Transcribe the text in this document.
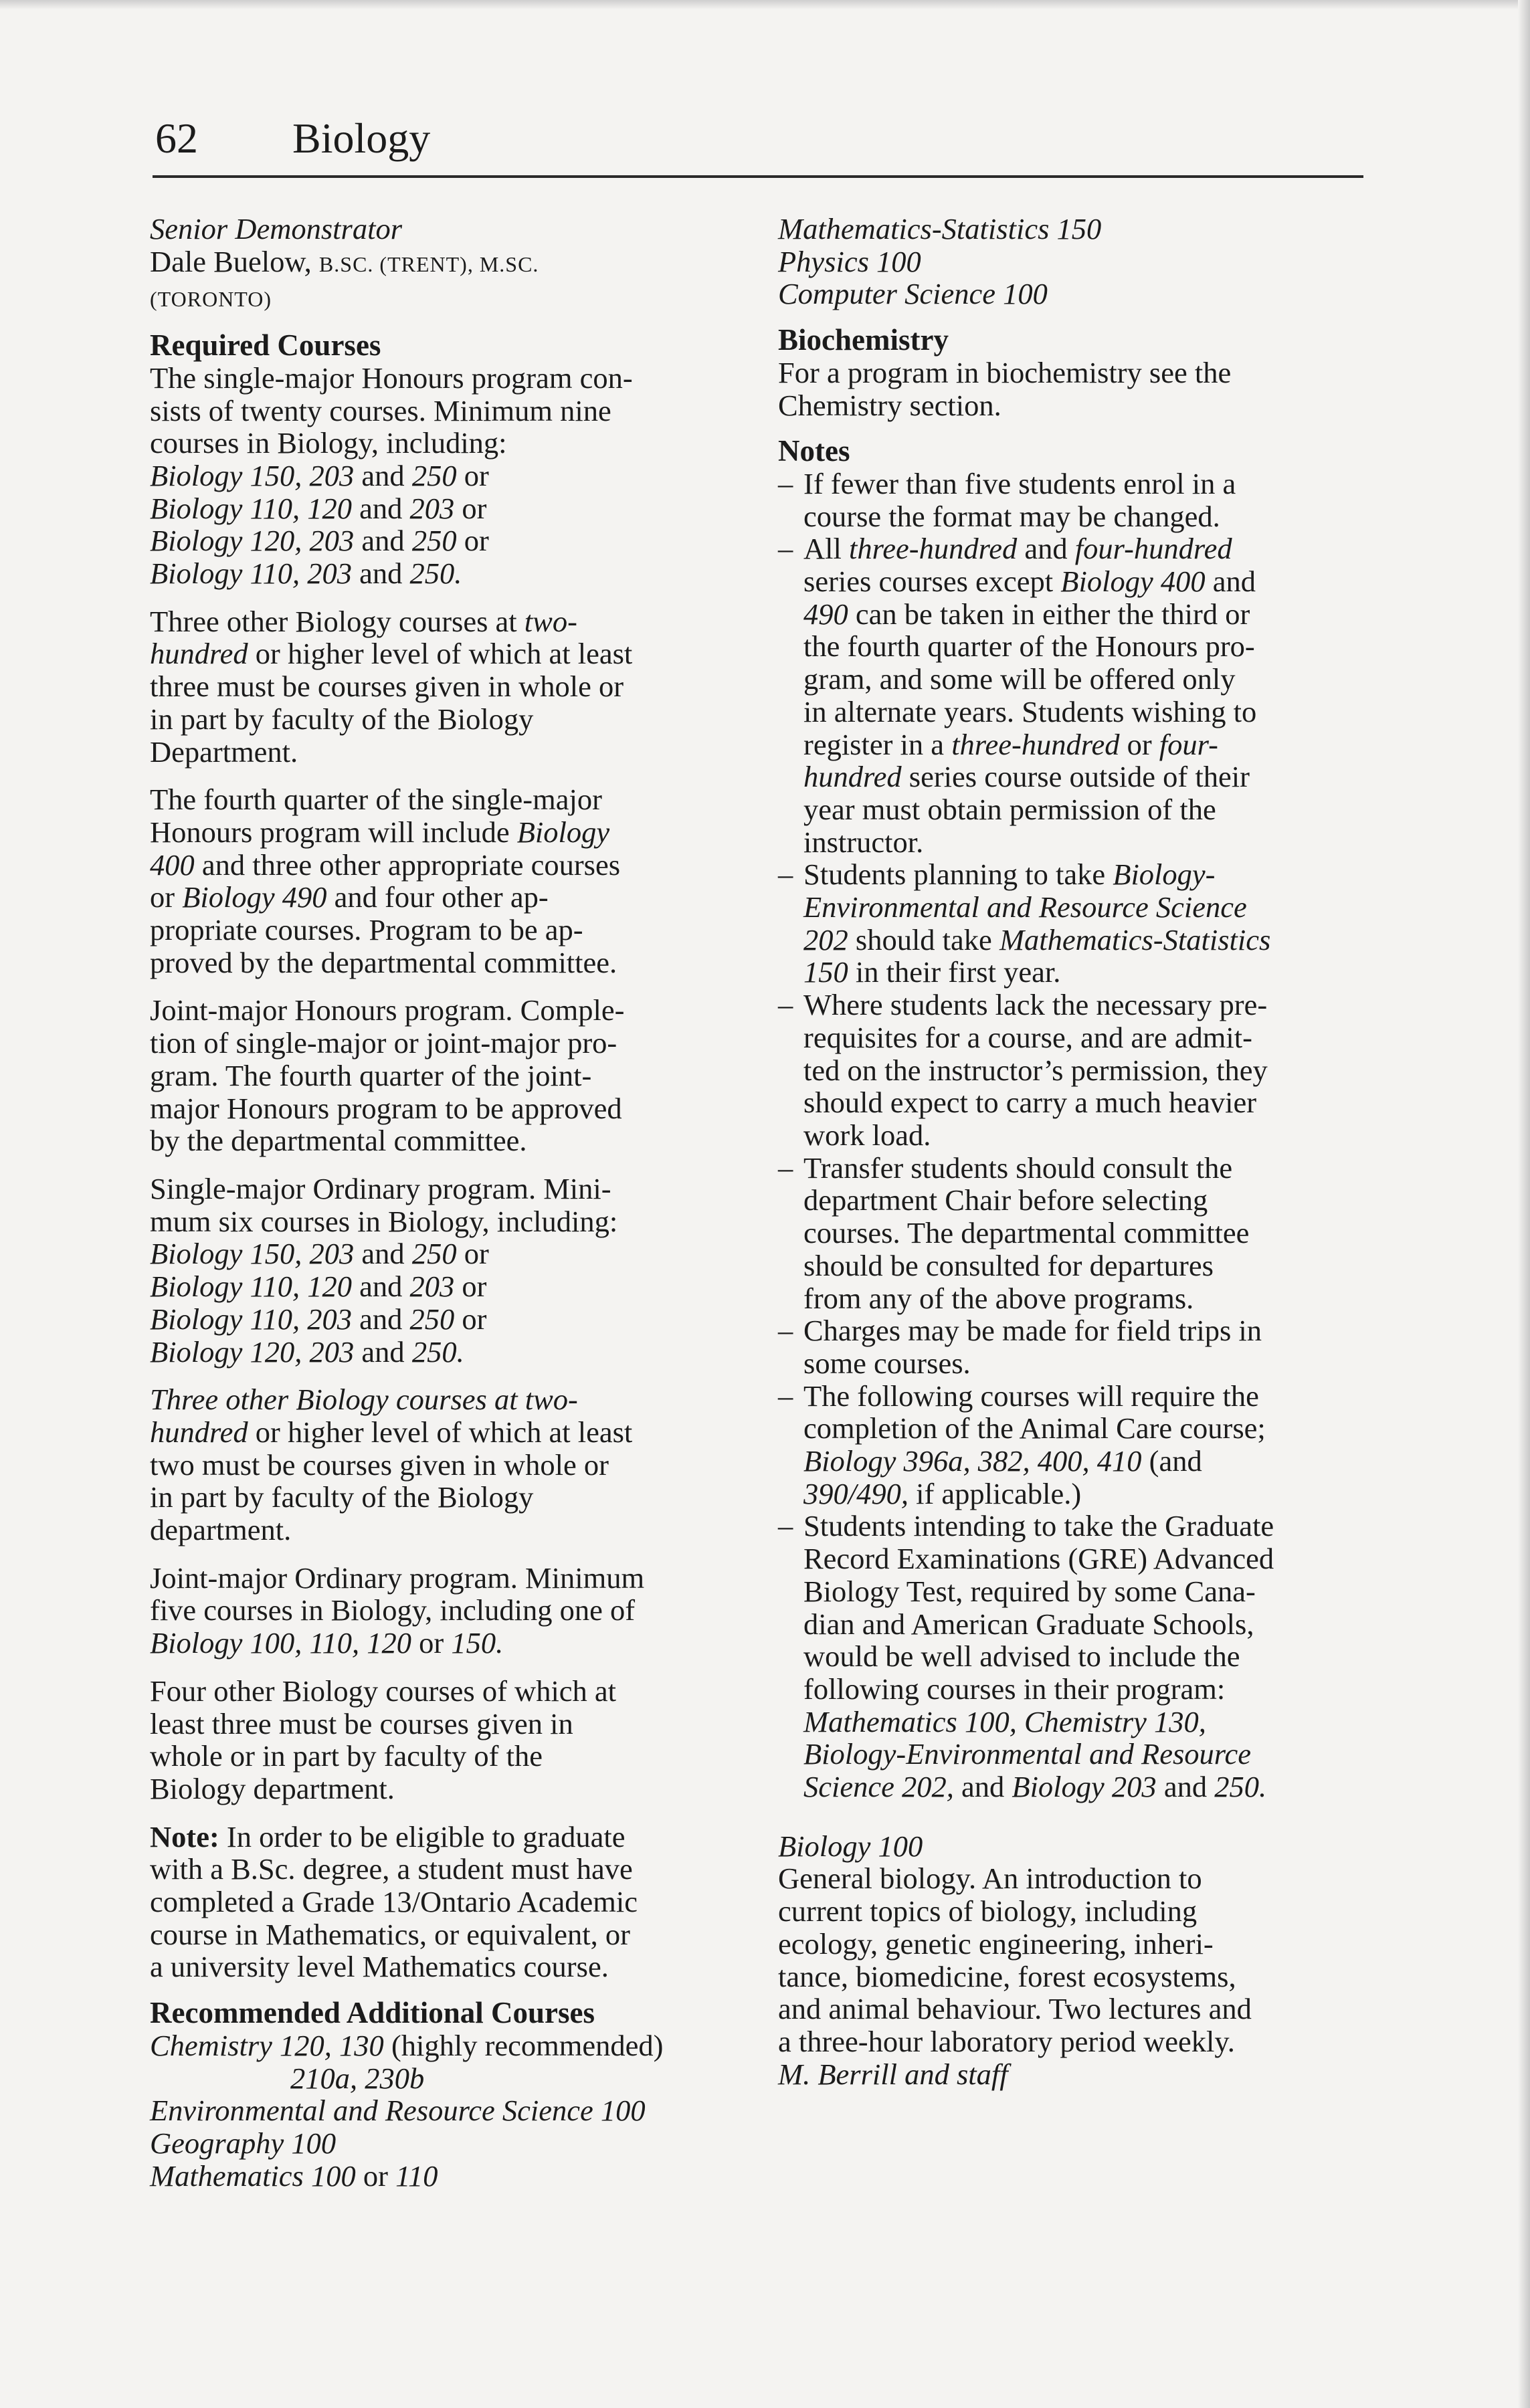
62 Biology

Senior Demonstrator
Dale Buelow, B.SC. (TRENT), M.SC.
(TORONTO)

Required Courses

The single-major Honours program con-
sists of twenty courses. Minimum nine
courses in Biology, including:
Biology 150, 203 and 250 or
Biology 110, 120 and 203 or
Biology 120, 203 and 250 or
Biology 110, 203 and 250.

Three other Biology courses at two-
hundred or higher level of which at least
three must be courses given in whole or
in part by faculty of the Biology
Department.

The fourth quarter of the single-major
Honours program will include Biology
400 and three other appropriate courses
or Biology 490 and four other ap-
propriate courses. Program to be ap-
proved by the departmental committee.

Joint-major Honours program. Comple-
tion of single-major or joint-major pro-
gram. The fourth quarter of the joint-
major Honours program to be approved
by the departmental committee.

Single-major Ordinary program. Mini-
mum six courses in Biology, including:
Biology 150, 203 and 250 or
Biology 110, 120 and 203 or
Biology 110, 203 and 250 or
Biology 120, 203 and 250.

Three other Biology courses at two-
hundred or higher level of which at least
two must be courses given in whole or
in part by faculty of the Biology
department.

Joint-major Ordinary program. Minimum
five courses in Biology, including one of
Biology 100, 110, 120 or 150.

Four other Biology courses of which at
least three must be courses given in
whole or in part by faculty of the
Biology department.

Note: In order to be eligible to graduate
with a B.Sc. degree, a student must have
completed a Grade 13/Ontario Academic
course in Mathematics, or equivalent, or
a university level Mathematics course.

Recommended Additional Courses

Chemistry 120, 130 (highly recommended)
210a, 230b
Environmental and Resource Science 100
Geography 100
Mathematics 100 or 110

Mathematics-Statistics 150
Physics 100
Computer Science 100

Biochemistry

For a program in biochemistry see the
Chemistry section.

Notes

– If fewer than five students enrol in a
course the format may be changed.
– All three-hundred and four-hundred
series courses except Biology 400 and
490 can be taken in either the third or
the fourth quarter of the Honours pro-
gram, and some will be offered only
in alternate years. Students wishing to
register in a three-hundred or four-
hundred series course outside of their
year must obtain permission of the
instructor.
– Students planning to take Biology-
Environmental and Resource Science
202 should take Mathematics-Statistics
150 in their first year.
– Where students lack the necessary pre-
requisites for a course, and are admit-
ted on the instructor’s permission, they
should expect to carry a much heavier
work load.
– Transfer students should consult the
department Chair before selecting
courses. The departmental committee
should be consulted for departures
from any of the above programs.
– Charges may be made for field trips in
some courses.
– The following courses will require the
completion of the Animal Care course;
Biology 396a, 382, 400, 410 (and
390/490, if applicable.)
– Students intending to take the Graduate
Record Examinations (GRE) Advanced
Biology Test, required by some Cana-
dian and American Graduate Schools,
would be well advised to include the
following courses in their program:
Mathematics 100, Chemistry 130,
Biology-Environmental and Resource
Science 202, and Biology 203 and 250.

Biology 100
General biology. An introduction to
current topics of biology, including
ecology, genetic engineering, inheri-
tance, biomedicine, forest ecosystems,
and animal behaviour. Two lectures and
a three-hour laboratory period weekly.
M. Berrill and staff
